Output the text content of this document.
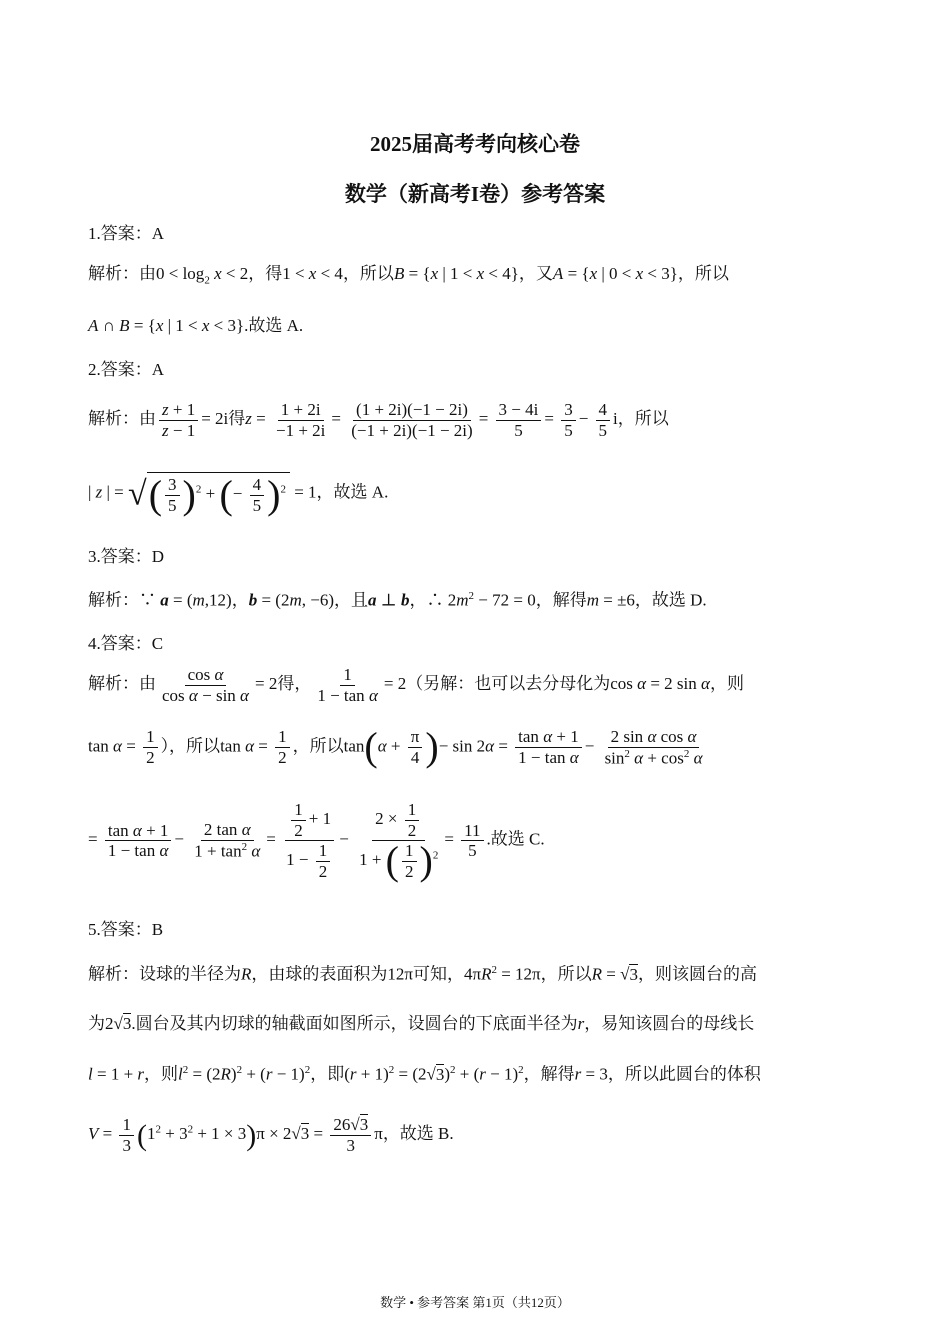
2025届高考考向核心卷
数学（新高考I卷）参考答案
1.答案：A
解析：由$0 < \log_2 x < 2$，得1 < x < 4，所以B = {x | 1 < x < 4}，又A = {x | 0 < x < 3}，所以
A ∩ B = {x | 1 < x < 3}.故选 A.
2.答案：A
解析：由 $\frac{z + 1}{z - 1} = 2i$得$z = \frac{1 + 2i}{-1 + 2i} = \frac{(1 + 2i)(-1 - 2i)}{(-1 + 2i)(-1 - 2i)} = \frac{3 - 4i}{5} = \frac{3}{5} - \frac{4}{5}$ i，所以
| z | = √( $\frac{3}{5} )^2$ + (− $\frac{4}{5} )^2 = 1$，故选 A.
3.答案：D
解析：∵ a = (m,12)，b = (2m, −6)，且a ⊥ b，∴ $2m^2 - 72 = 0$，解得m = ±6，故选 D.
4.答案：C
解析：由 $\frac{\text{cos α}}{\text{cos α − sin α}} = 2$得， $\frac{1}{\text{1 − tan α}} = 2$（另解：也可以去分母化为cos α = 2 sin α，则
$\tan \alpha = \frac{1}{2}$ ），所以$\tan \alpha = \frac{1}{2}$ ，所以$\tan(\alpha + \frac{\pi}{4}$ )− $\sin 2\alpha = \frac{\text{tan α + 1}}{\text{1 − tan α}} - \frac{\text{2 sin α cos α}}{\sin^2 \alpha + \cos^2 \alpha}$
= $\frac{\text{tan α + 1}}{\text{1 − tan α}} - \frac{\text{2 tan α}}{1 + \tan^2 \alpha} = \frac{\frac{1}{2} + 1}{1 - \frac{1}{2}} - \frac{2 \times \frac{1}{2}}{1 + ( \frac{1}{2} )^2} = \frac{11}{5}$ .故选 C.
5.答案：B
解析：设球的半径为R，由球的表面积为12π可知，$4\pi R^2 = 12\pi$，所以R = √3，则该圆台的高
为2√3.圆台及其内切球的轴截面如图所示，设圆台的下底面半径为r，易知该圆台的母线长
l = 1 + r，则$l^2 = (2R)^2 + (r - 1)^2$，即$(r + 1)^2 = (2√3)^2 + (r - 1)^2$，解得r = 3，所以此圆台的体积
$V = \frac{1}{3} (1^2 + 3^2 + 1 \times 3)\pi \times 2√3 = \frac{26√3}{3}$ π，故选 B.
数学 • 参考答案 第1页（共12页）
